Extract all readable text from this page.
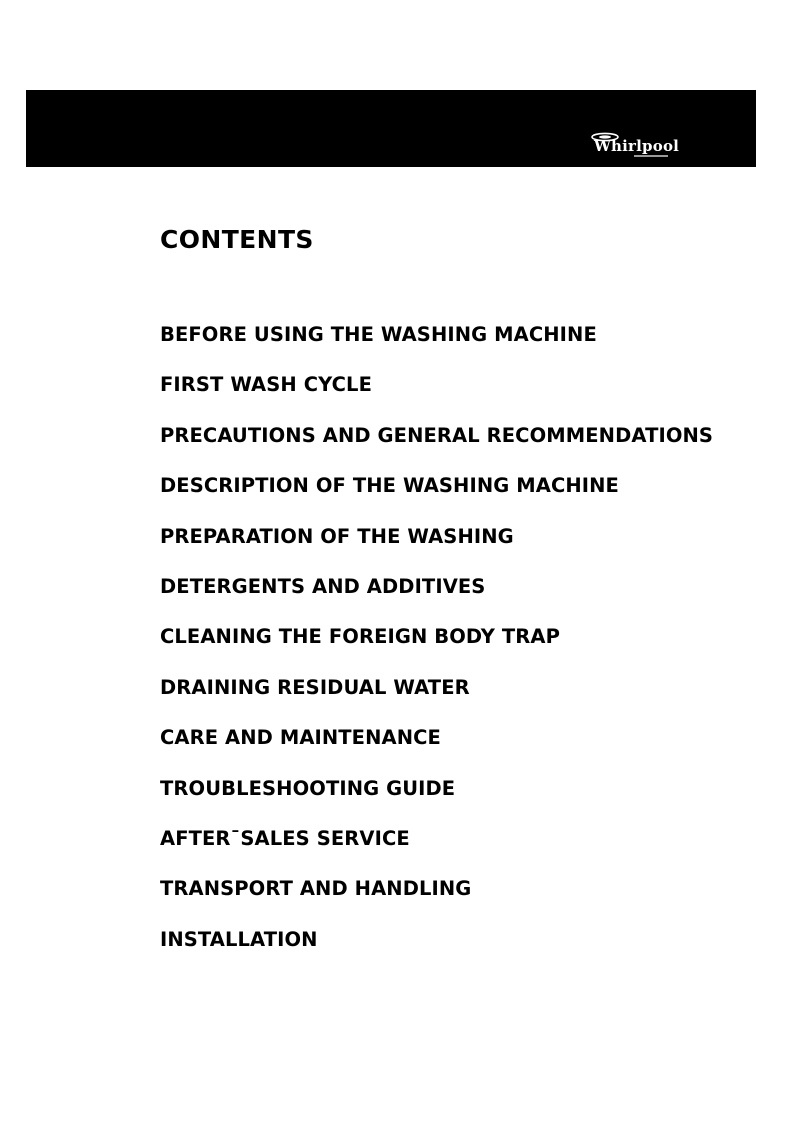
Whirlpool
CONTENTS
BEFORE USING THE WASHING MACHINE
FIRST WASH CYCLE
PRECAUTIONS AND GENERAL RECOMMENDATIONS
DESCRIPTION OF THE WASHING MACHINE
PREPARATION OF THE WASHING
DETERGENTS AND ADDITIVES
CLEANING THE FOREIGN BODY TRAP
DRAINING RESIDUAL WATER
CARE AND MAINTENANCE
TROUBLESHOOTING GUIDE
AFTER¯SALES SERVICE
TRANSPORT AND HANDLING
INSTALLATION
